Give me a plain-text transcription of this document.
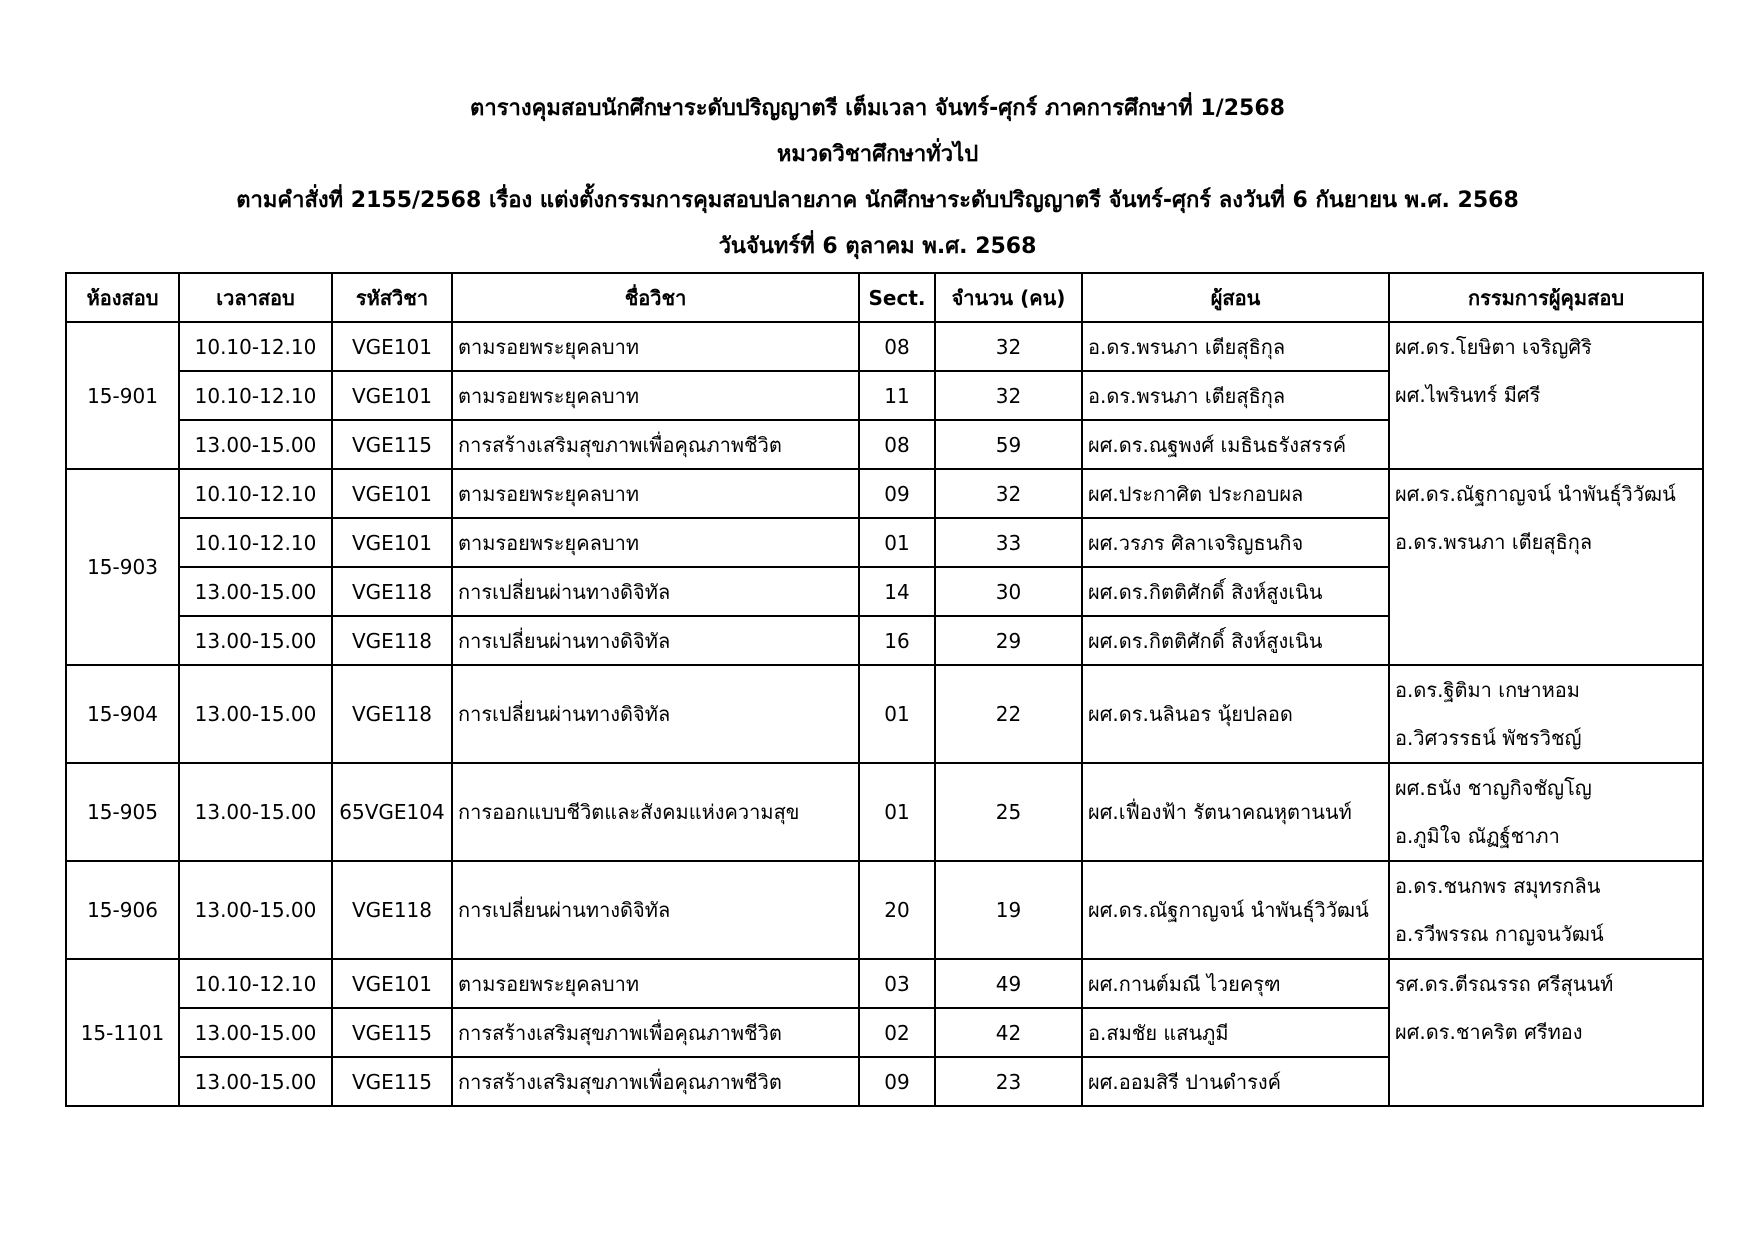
ตารางคุมสอบนักศึกษาระดับปริญญาตรี เต็มเวลา จันทร์-ศุกร์ ภาคการศึกษาที่ 1/2568

หมวดวิชาศึกษาทั่วไป

ตามคำสั่งที่ 2155/2568 เรื่อง แต่งตั้งกรรมการคุมสอบปลายภาค นักศึกษาระดับปริญญาตรี จันทร์-ศุกร์ ลงวันที่ 6 กันยายน พ.ศ. 2568

วันจันทร์ที่ 6 ตุลาคม พ.ศ. 2568

ห้องสอบ	เวลาสอบ	รหัสวิชา	ชื่อวิชา	Sect.	จำนวน (คน)	ผู้สอน	กรรมการผู้คุมสอบ
15-901	10.10-12.10	VGE101	ตามรอยพระยุคลบาท	08	32	อ.ดร.พรนภา เตียสุธิกุล	ผศ.ดร.โยษิตา เจริญศิริ
ผศ.ไพรินทร์ มีศรี

	10.10-12.10	VGE101	ตามรอยพระยุคลบาท	11	32	อ.ดร.พรนภา เตียสุธิกุล	
	13.00-15.00	VGE115	การสร้างเสริมสุขภาพเพื่อคุณภาพชีวิต	08	59	ผศ.ดร.ณฐพงศ์ เมธินธรังสรรค์	
15-903	10.10-12.10	VGE101	ตามรอยพระยุคลบาท	09	32	ผศ.ประกาศิต ประกอบผล	ผศ.ดร.ณัฐกาญจน์ นำพันธุ์วิวัฒน์
อ.ดร.พรนภา เตียสุธิกุล

	10.10-12.10	VGE101	ตามรอยพระยุคลบาท	01	33	ผศ.วรภร ศิลาเจริญธนกิจ	
	13.00-15.00	VGE118	การเปลี่ยนผ่านทางดิจิทัล	14	30	ผศ.ดร.กิตติศักดิ์ สิงห์สูงเนิน	
	13.00-15.00	VGE118	การเปลี่ยนผ่านทางดิจิทัล	16	29	ผศ.ดร.กิตติศักดิ์ สิงห์สูงเนิน	
15-904	13.00-15.00	VGE118	การเปลี่ยนผ่านทางดิจิทัล	01	22	ผศ.ดร.นลินอร นุ้ยปลอด	อ.ดร.ฐิติมา เกษาหอม
อ.วิศวรรธน์ พัชรวิชญ์

15-905	13.00-15.00	65VGE104	การออกแบบชีวิตและสังคมแห่งความสุข	01	25	ผศ.เฟื่องฟ้า รัตนาคณหุตานนท์	ผศ.ธนัง ชาญกิจชัญโญ
อ.ภูมิใจ ณัฏฐ์ชาภา

15-906	13.00-15.00	VGE118	การเปลี่ยนผ่านทางดิจิทัล	20	19	ผศ.ดร.ณัฐกาญจน์ นำพันธุ์วิวัฒน์	อ.ดร.ชนกพร สมุทรกลิน
อ.รวีพรรณ กาญจนวัฒน์

15-1101	10.10-12.10	VGE101	ตามรอยพระยุคลบาท	03	49	ผศ.กานต์มณี ไวยครุฑ	รศ.ดร.ตีรณรรถ ศรีสุนนท์
ผศ.ดร.ชาคริต ศรีทอง

	13.00-15.00	VGE115	การสร้างเสริมสุขภาพเพื่อคุณภาพชีวิต	02	42	อ.สมชัย แสนภูมี	
	13.00-15.00	VGE115	การสร้างเสริมสุขภาพเพื่อคุณภาพชีวิต	09	23	ผศ.ออมสิรี ปานดำรงค์	
